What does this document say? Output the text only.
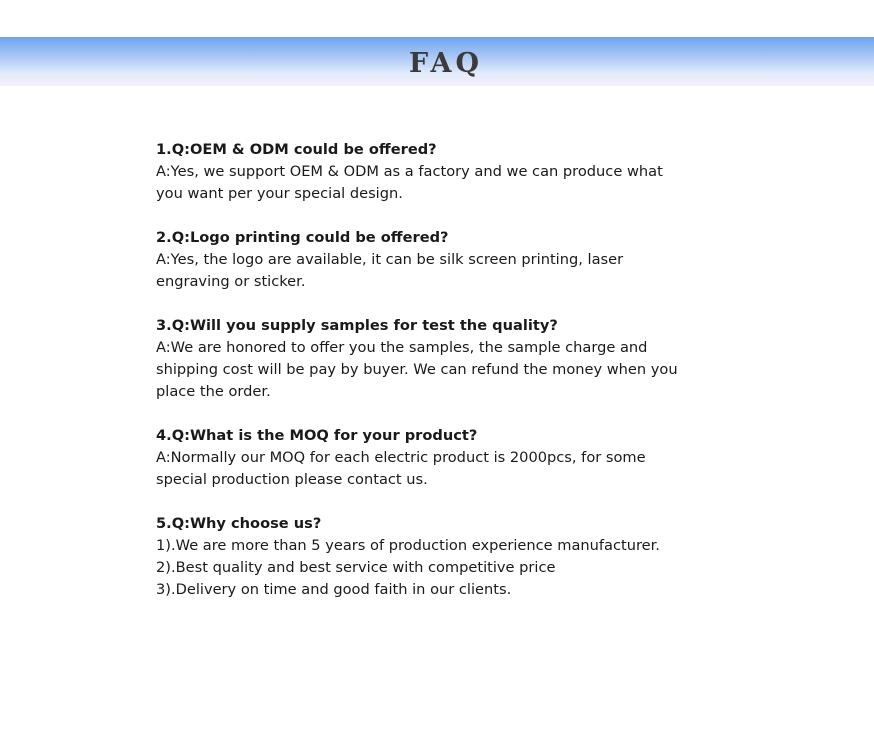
FAQ

1.Q:OEM & ODM could be offered?

A:Yes, we support OEM & ODM as a factory and we can produce what

you want per your special design.

2.Q:Logo printing could be offered?

A:Yes, the logo are available, it can be silk screen printing, laser

engraving or sticker.

3.Q:Will you supply samples for test the quality?

A:We are honored to offer you the samples, the sample charge and

shipping cost will be pay by buyer. We can refund the money when you

place the order.

4.Q:What is the MOQ for your product?

A:Normally our MOQ for each electric product is 2000pcs, for some

special production please contact us.

5.Q:Why choose us?

1).We are more than 5 years of production experience manufacturer.

2).Best quality and best service with competitive price

3).Delivery on time and good faith in our clients.
